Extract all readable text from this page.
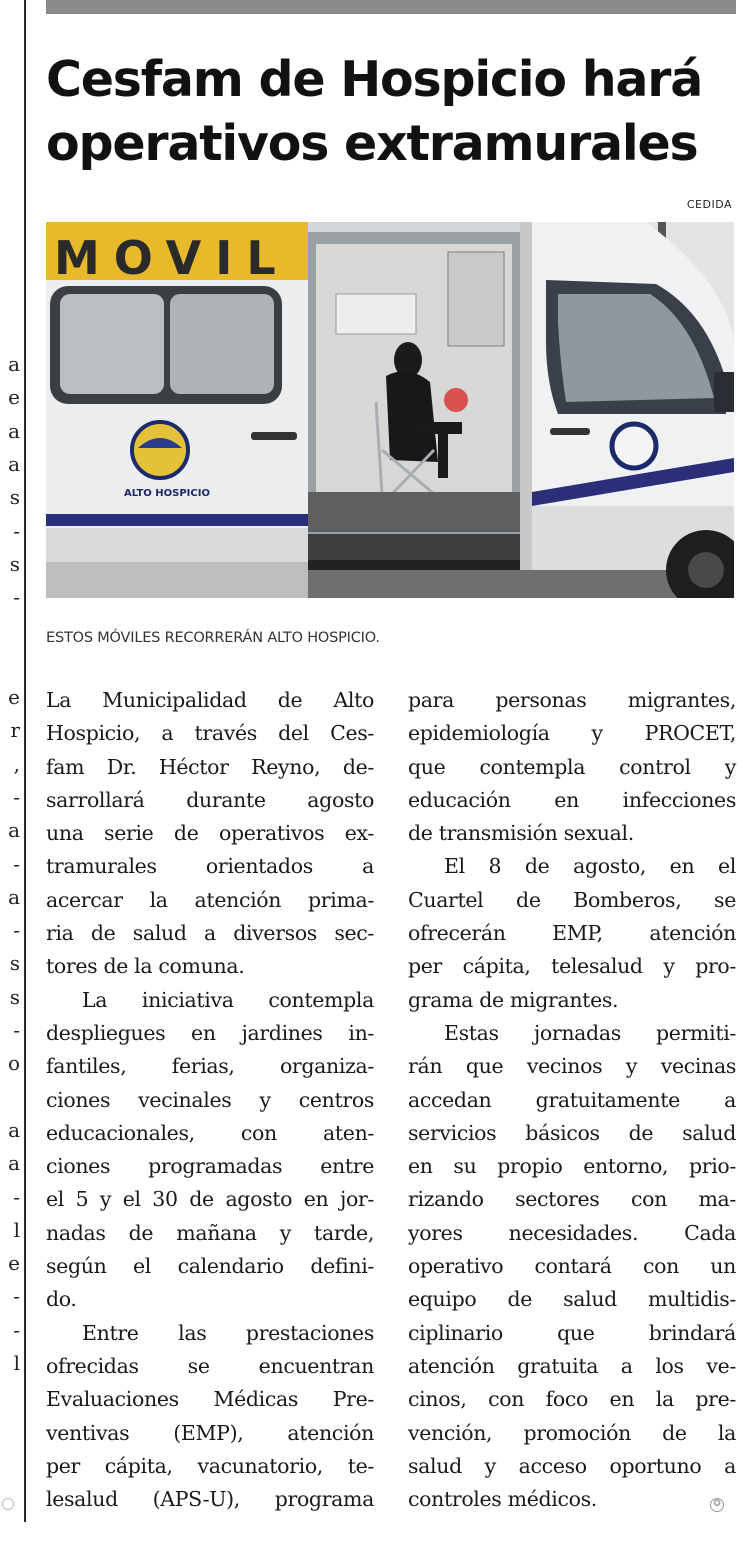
a
e
a
a
s
-
s
-
e
r
,
-
a
-
a
-
s
s
-
o
a
a
-
l
e
-
-
l
Cesfam de Hospicio hará
operativos extramurales
CEDIDA
MOVIL
ALTO HOSPICIO
ESTOS MÓVILES RECORRERÁN ALTO HOSPICIO.
La Municipalidad de Alto
Hospicio, a través del Ces-
fam Dr. Héctor Reyno, de-
sarrollará durante agosto
una serie de operativos ex-
tramurales orientados a
acercar la atención prima-
ria de salud a diversos sec-
tores de la comuna.
La iniciativa contempla
despliegues en jardines in-
fantiles, ferias, organiza-
ciones vecinales y centros
educacionales, con aten-
ciones programadas entre
el 5 y el 30 de agosto en jor-
nadas de mañana y tarde,
según el calendario defini-
do.
Entre las prestaciones
ofrecidas se encuentran
Evaluaciones Médicas Pre-
ventivas (EMP), atención
per cápita, vacunatorio, te-
lesalud (APS-U), programa
para personas migrantes,
epidemiología y PROCET,
que contempla control y
educación en infecciones
de transmisión sexual.
El 8 de agosto, en el
Cuartel de Bomberos, se
ofrecerán EMP, atención
per cápita, telesalud y pro-
grama de migrantes.
Estas jornadas permiti-
rán que vecinos y vecinas
accedan gratuitamente a
servicios básicos de salud
en su propio entorno, prio-
rizando sectores con ma-
yores necesidades. Cada
operativo contará con un
equipo de salud multidis-
ciplinario que brindará
atención gratuita a los ve-
cinos, con foco en la pre-
vención, promoción de la
salud y acceso oportuno a
controles médicos.	✪
